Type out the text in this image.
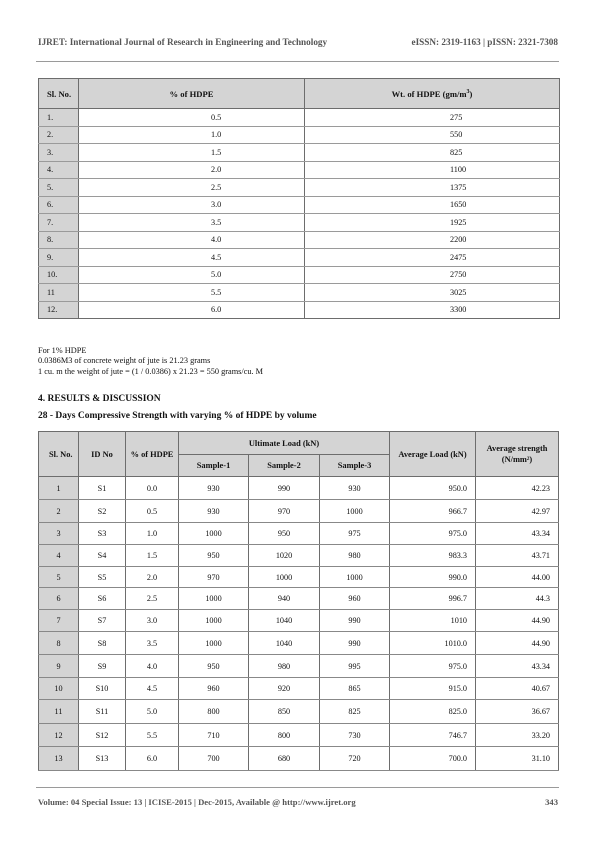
IJRET: International Journal of Research in Engineering and Technology	eISSN: 2319-1163 | pISSN: 2321-7308
Sl. No.	% of HDPE	Wt. of HDPE $(gm/m^3)$
1.	0.5	275
2.	1.0	550
3.	1.5	825
4.	2.0	1100
5.	2.5	1375
6.	3.0	1650
7.	3.5	1925
8.	4.0	2200
9.	4.5	2475
10.	5.0	2750
11	5.5	3025
12.	6.0	3300
For 1% HDPE
0.0386M3 of concrete weight of jute is 21.23 grams
1 cu. m the weight of jute = (1 / 0.0386) x 21.23 = 550 grams/cu. M
4. RESULTS & DISCUSSION
28 - Days Compressive Strength with varying % of HDPE by volume
Sl. No.	ID No	% of HDPE	Ultimate Load (kN)			Average Load (kN)	Average strength (N/mm²)
			Sample-1	Sample-2	Sample-3		
1	S1	0.0	930	990	930	950.0	42.23
2	S2	0.5	930	970	1000	966.7	42.97
3	S3	1.0	1000	950	975	975.0	43.34
4	S4	1.5	950	1020	980	983.3	43.71
5	S5	2.0	970	1000	1000	990.0	44.00
6	S6	2.5	1000	940	960	996.7	44.3
7	S7	3.0	1000	1040	990	1010	44.90
8	S8	3.5	1000	1040	990	1010.0	44.90
9	S9	4.0	950	980	995	975.0	43.34
10	S10	4.5	960	920	865	915.0	40.67
11	S11	5.0	800	850	825	825.0	36.67
12	S12	5.5	710	800	730	746.7	33.20
13	S13	6.0	700	680	720	700.0	31.10
Volume: 04 Special Issue: 13 | ICISE-2015 | Dec-2015, Available @ http://www.ijret.org	343
